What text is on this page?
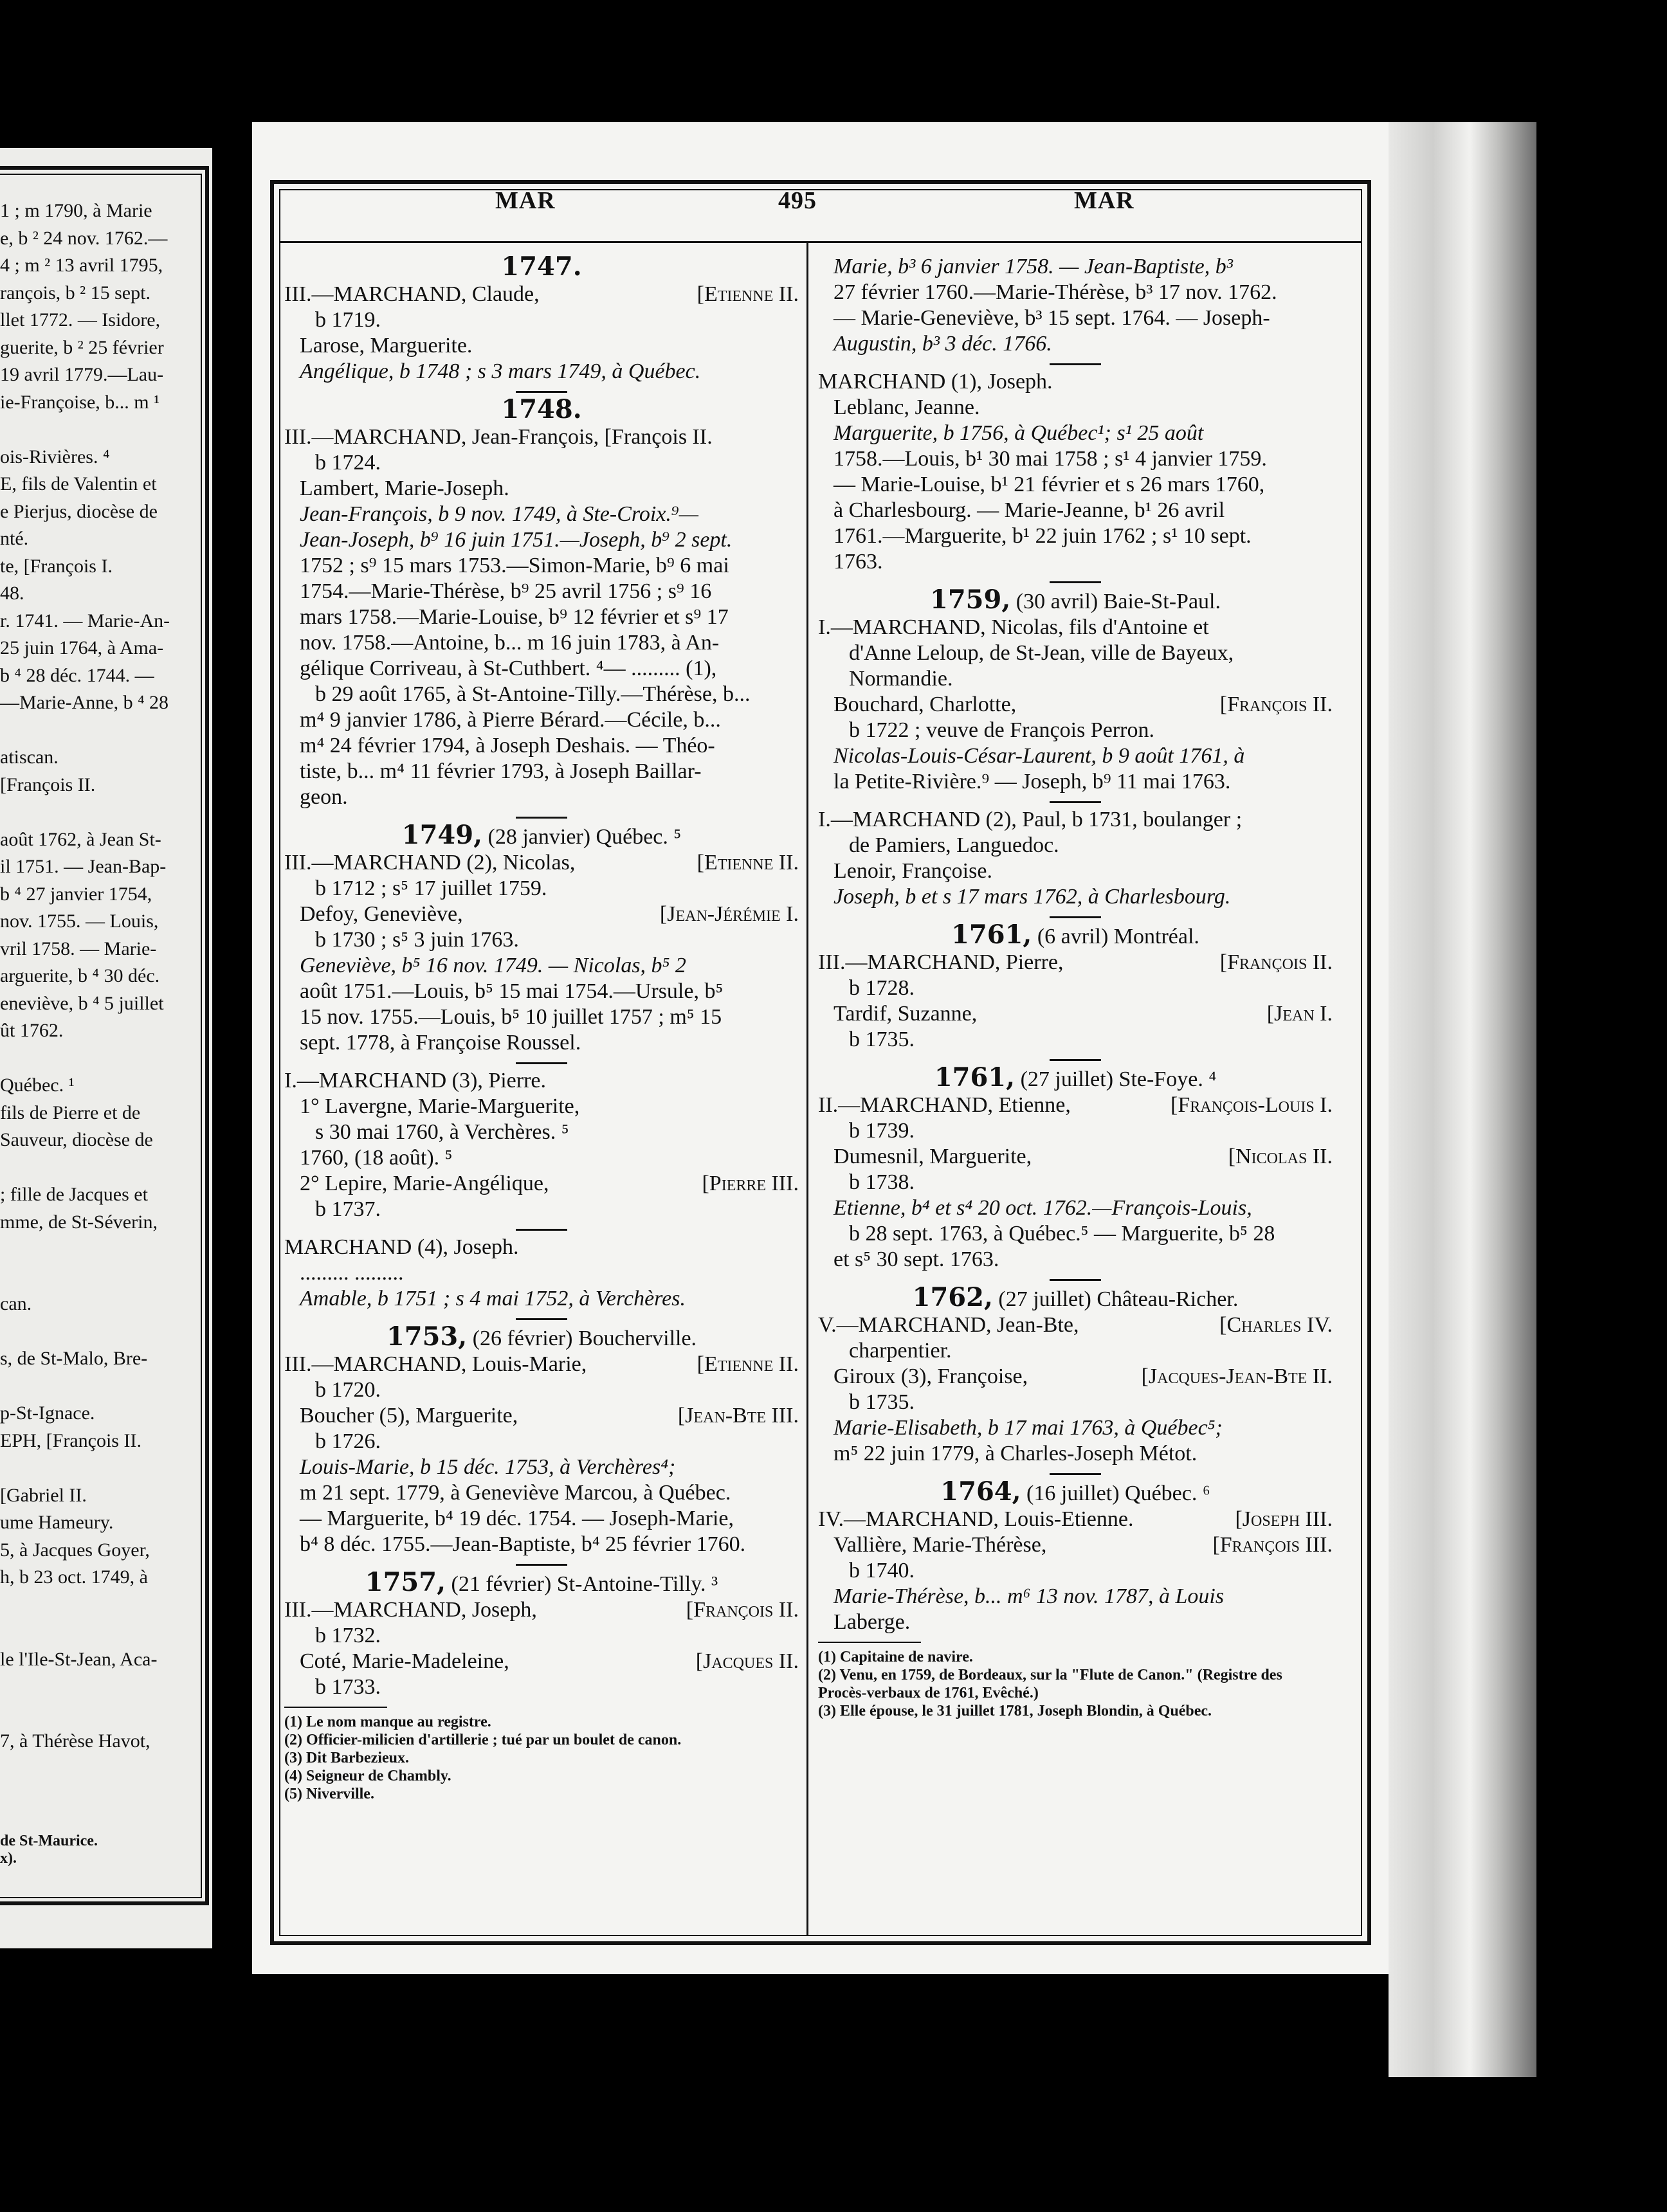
1 ; m 1790, à Marie
e, b ² 24 nov. 1762.—
4 ; m ² 13 avril 1795,
rançois, b ² 15 sept.
llet 1772. — Isidore,
guerite, b ² 25 février
19 avril 1779.—Lau-
ie-Françoise, b... m ¹
ois-Rivières. ⁴
E, fils de Valentin et
e Pierjus, diocèse de
nté.
te, [François I.
48.
r. 1741. — Marie-An-
25 juin 1764, à Ama-
b ⁴ 28 déc. 1744. —
—Marie-Anne, b ⁴ 28
atiscan.
[François II.
août 1762, à Jean St-
il 1751. — Jean-Bap-
b ⁴ 27 janvier 1754,
nov. 1755. — Louis,
vril 1758. — Marie-
arguerite, b ⁴ 30 déc.
eneviève, b ⁴ 5 juillet
ût 1762.
Québec. ¹
fils de Pierre et de
Sauveur, diocèse de
; fille de Jacques et
mme, de St-Séverin,
can.
s, de St-Malo, Bre-
p-St-Ignace.
EPH, [François II.
[Gabriel II.
ume Hameury.
5, à Jacques Goyer,
h, b 23 oct. 1749, à
le l'Ile-St-Jean, Aca-
7, à Thérèse Havot,
de St-Maurice.
x).
MAR	495	MAR

1747.

[Etienne II.
III.—MARCHAND, Claude,

b 1719.

Larose, Marguerite.

Angélique, b 1748 ; s 3 mars 1749, à Québec.

1748.

III.—MARCHAND, Jean-François, [François II.

b 1724.

Lambert, Marie-Joseph.

Jean-François, b 9 nov. 1749, à Ste-Croix.⁹—

Jean-Joseph, b⁹ 16 juin 1751.—Joseph, b⁹ 2 sept.

1752 ; s⁹ 15 mars 1753.—Simon-Marie, b⁹ 6 mai

1754.—Marie-Thérèse, b⁹ 25 avril 1756 ; s⁹ 16

mars 1758.—Marie-Louise, b⁹ 12 février et s⁹ 17

nov. 1758.—Antoine, b... m 16 juin 1783, à An-

gélique Corriveau, à St-Cuthbert. ⁴— ......... (1),

b 29 août 1765, à St-Antoine-Tilly.—Thérèse, b...

m⁴ 9 janvier 1786, à Pierre Bérard.—Cécile, b...

m⁴ 24 février 1794, à Joseph Deshais. — Théo-

tiste, b... m⁴ 11 février 1793, à Joseph Baillar-

geon.

1749, (28 janvier) Québec. ⁵

[Etienne II.
III.—MARCHAND (2), Nicolas,

b 1712 ; s⁵ 17 juillet 1759.

[Jean-Jérémie I.
Defoy, Geneviève,

b 1730 ; s⁵ 3 juin 1763.

Geneviève, b⁵ 16 nov. 1749. — Nicolas, b⁵ 2

août 1751.—Louis, b⁵ 15 mai 1754.—Ursule, b⁵

15 nov. 1755.—Louis, b⁵ 10 juillet 1757 ; m⁵ 15

sept. 1778, à Françoise Roussel.

I.—MARCHAND (3), Pierre.

1° Lavergne, Marie-Marguerite,

s 30 mai 1760, à Verchères. ⁵

1760, (18 août). ⁵

[Pierre III.
2° Lepire, Marie-Angélique,

b 1737.

MARCHAND (4), Joseph.

......... .........

Amable, b 1751 ; s 4 mai 1752, à Verchères.

1753, (26 février) Boucherville.

[Etienne II.
III.—MARCHAND, Louis-Marie,

b 1720.

[Jean-Bte III.
Boucher (5), Marguerite,

b 1726.

Louis-Marie, b 15 déc. 1753, à Verchères⁴;

m 21 sept. 1779, à Geneviève Marcou, à Québec.

— Marguerite, b⁴ 19 déc. 1754. — Joseph-Marie,

b⁴ 8 déc. 1755.—Jean-Baptiste, b⁴ 25 février 1760.

1757, (21 février) St-Antoine-Tilly. ³

[François II.
III.—MARCHAND, Joseph,

b 1732.

[Jacques II.
Coté, Marie-Madeleine,

b 1733.

(1) Le nom manque au registre.

(2) Officier-milicien d'artillerie ; tué par un boulet de canon.

(3) Dit Barbezieux.

(4) Seigneur de Chambly.

(5) Niverville.

Marie, b³ 6 janvier 1758. — Jean-Baptiste, b³

27 février 1760.—Marie-Thérèse, b³ 17 nov. 1762.

— Marie-Geneviève, b³ 15 sept. 1764. — Joseph-

Augustin, b³ 3 déc. 1766.

MARCHAND (1), Joseph.

Leblanc, Jeanne.

Marguerite, b 1756, à Québec¹; s¹ 25 août

1758.—Louis, b¹ 30 mai 1758 ; s¹ 4 janvier 1759.

— Marie-Louise, b¹ 21 février et s 26 mars 1760,

à Charlesbourg. — Marie-Jeanne, b¹ 26 avril

1761.—Marguerite, b¹ 22 juin 1762 ; s¹ 10 sept.

1763.

1759, (30 avril) Baie-St-Paul.

I.—MARCHAND, Nicolas, fils d'Antoine et

d'Anne Leloup, de St-Jean, ville de Bayeux,

Normandie.

[François II.
Bouchard, Charlotte,

b 1722 ; veuve de François Perron.

Nicolas-Louis-César-Laurent, b 9 août 1761, à

la Petite-Rivière.⁹ — Joseph, b⁹ 11 mai 1763.

I.—MARCHAND (2), Paul, b 1731, boulanger ;

de Pamiers, Languedoc.

Lenoir, Françoise.

Joseph, b et s 17 mars 1762, à Charlesbourg.

1761, (6 avril) Montréal.

[François II.
III.—MARCHAND, Pierre,

b 1728.

[Jean I.
Tardif, Suzanne,

b 1735.

1761, (27 juillet) Ste-Foye. ⁴

[François-Louis I.
II.—MARCHAND, Etienne,

b 1739.

[Nicolas II.
Dumesnil, Marguerite,

b 1738.

Etienne, b⁴ et s⁴ 20 oct. 1762.—François-Louis,

b 28 sept. 1763, à Québec.⁵ — Marguerite, b⁵ 28

et s⁵ 30 sept. 1763.

1762, (27 juillet) Château-Richer.

[Charles IV.
V.—MARCHAND, Jean-Bte,

charpentier.

[Jacques-Jean-Bte II.
Giroux (3), Françoise,

b 1735.

Marie-Elisabeth, b 17 mai 1763, à Québec⁵;

m⁵ 22 juin 1779, à Charles-Joseph Métot.

1764, (16 juillet) Québec. ⁶

[Joseph III.
IV.—MARCHAND, Louis-Etienne.

[François III.
Vallière, Marie-Thérèse,

b 1740.

Marie-Thérèse, b... m⁶ 13 nov. 1787, à Louis

Laberge.

(1) Capitaine de navire.

(2) Venu, en 1759, de Bordeaux, sur la "Flute de Canon." (Registre des Procès-verbaux de 1761, Evêché.)

(3) Elle épouse, le 31 juillet 1781, Joseph Blondin, à Québec.
